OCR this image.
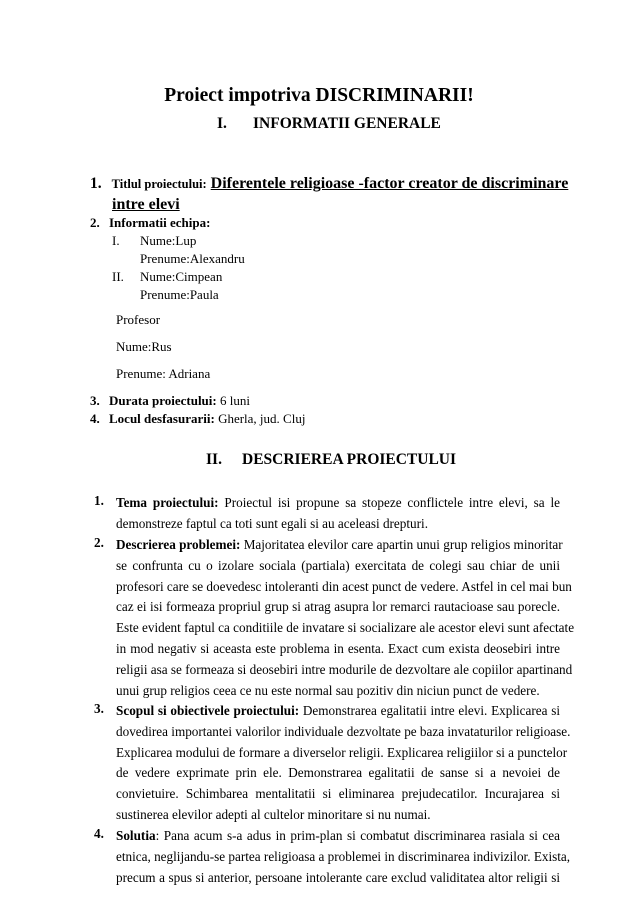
Proiect impotriva DISCRIMINARII!
I. INFORMATII GENERALE
1. Titlul proiectului: Diferentele religioase -factor creator de discriminare
intre elevi
2. Informatii echipa:
I. Nume:Lup
Prenume:Alexandru
II. Nume:Cimpean
Prenume:Paula
Profesor
Nume:Rus
Prenume: Adriana
3. Durata proiectului: 6 luni
4. Locul desfasurarii: Gherla, jud. Cluj
II. DESCRIEREA PROIECTULUI
1. Tema proiectului: Proiectul isi propune sa stopeze conflictele intre elevi, sa le
demonstreze faptul ca toti sunt egali si au aceleasi drepturi.
2. Descrierea problemei: Majoritatea elevilor care apartin unui grup religios minoritar
se confrunta cu o izolare sociala (partiala) exercitata de colegi sau chiar de unii
profesori care se doevedesc intoleranti din acest punct de vedere. Astfel in cel mai bun
caz ei isi formeaza propriul grup si atrag asupra lor remarci rautacioase sau porecle.
Este evident faptul ca conditiile de invatare si socializare ale acestor elevi sunt afectate
in mod negativ si aceasta este problema in esenta. Exact cum exista deosebiri intre
religii asa se formeaza si deosebiri intre modurile de dezvoltare ale copiilor apartinand
unui grup religios ceea ce nu este normal sau pozitiv din niciun punct de vedere.
3. Scopul si obiectivele proiectului: Demonstrarea egalitatii intre elevi. Explicarea si
dovedirea importantei valorilor individuale dezvoltate pe baza invataturilor religioase.
Explicarea modului de formare a diverselor religii. Explicarea religiilor si a punctelor
de vedere exprimate prin ele. Demonstrarea egalitatii de sanse si a nevoiei de
convietuire. Schimbarea mentalitatii si eliminarea prejudecatilor. Incurajarea si
sustinerea elevilor adepti al cultelor minoritare si nu numai.
4. Solutia: Pana acum s-a adus in prim-plan si combatut discriminarea rasiala si cea
etnica, neglijandu-se partea religioasa a problemei in discriminarea indivizilor. Exista,
precum a spus si anterior, persoane intolerante care exclud validitatea altor religii si
